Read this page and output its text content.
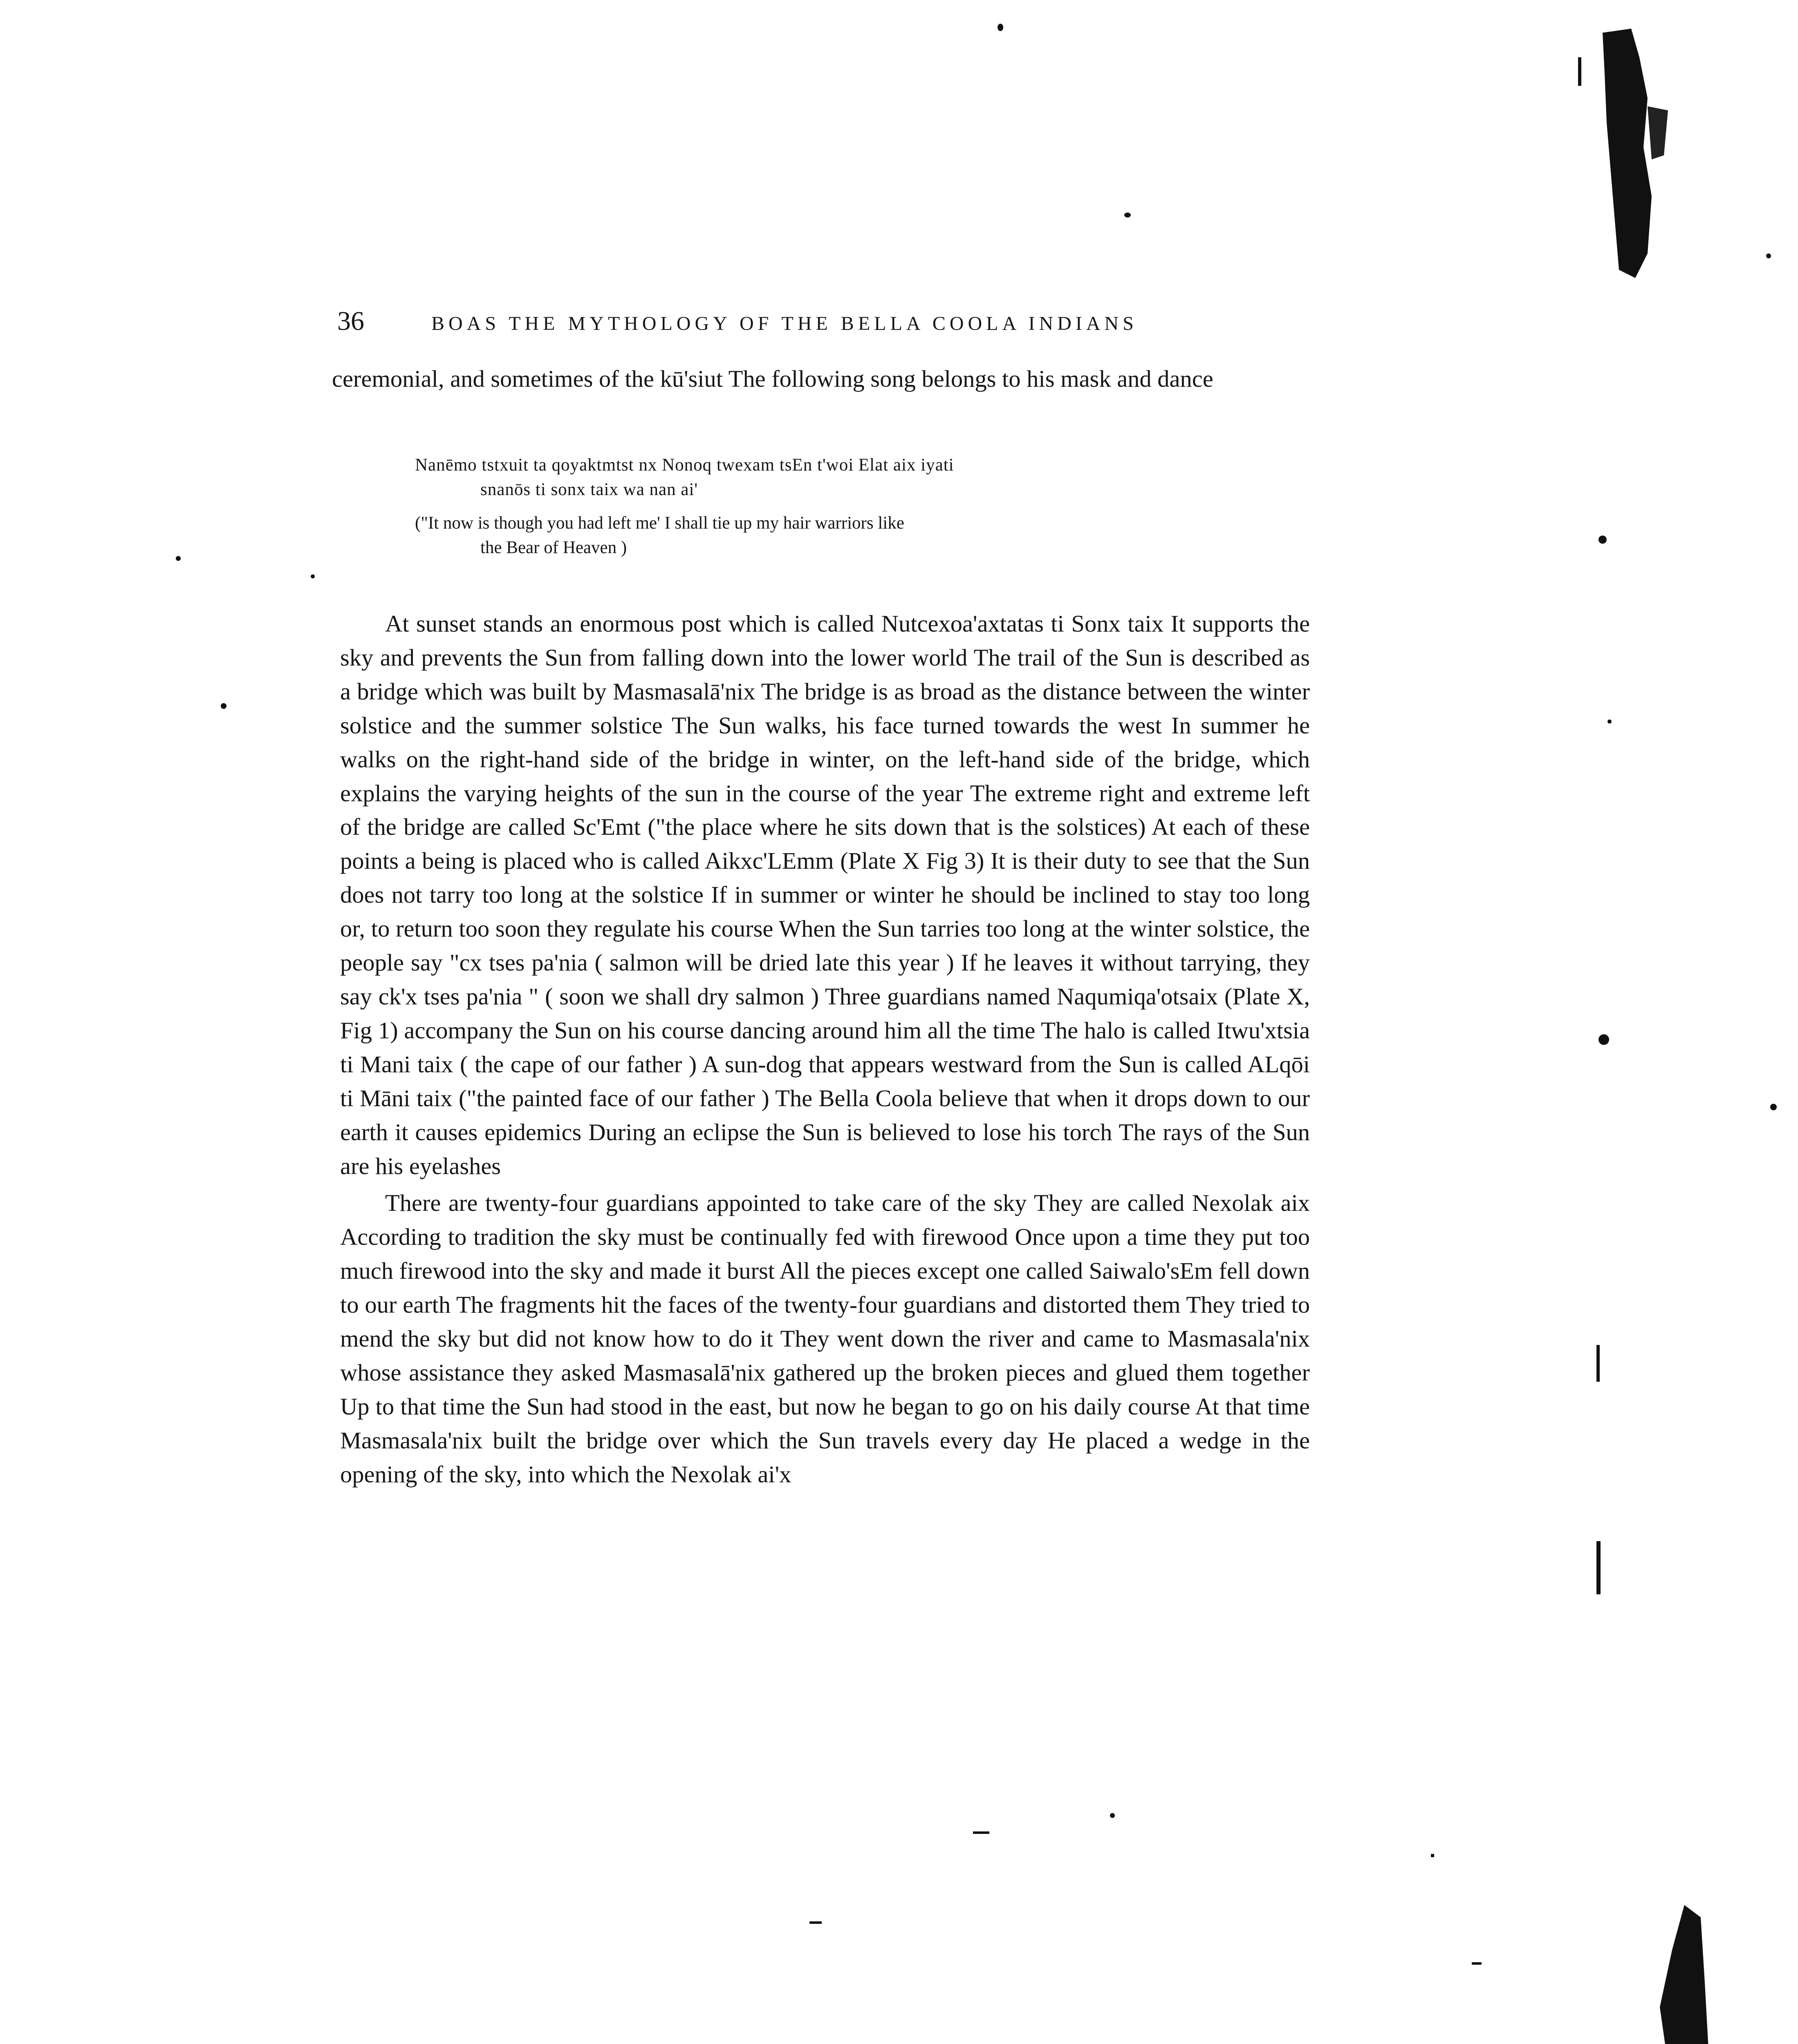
36	BOAS THE MYTHOLOGY OF THE BELLA COOLA INDIANS

ceremonial, and sometimes of the kū'siut The following song belongs to his mask and dance

Nanēmo tstxuit ta qoyaktmtst nx Nonoq twexam tsEn t'woi Elat aix iyati

snanōs ti sonx taix wa nan ai'

("It now is though you had left me' I shall tie up my hair warriors like

the Bear of Heaven )

At sunset stands an enormous post which is called Nutcexoa'axtatas ti Sonx taix It supports the sky and prevents the Sun from falling down into the lower world The trail of the Sun is described as a bridge which was built by Masmasalā'nix The bridge is as broad as the distance between the winter solstice and the summer solstice The Sun walks, his face turned towards the west In summer he walks on the right-hand side of the bridge in winter, on the left-hand side of the bridge, which explains the varying heights of the sun in the course of the year The extreme right and extreme left of the bridge are called Sc'Emt ("the place where he sits down that is the solstices) At each of these points a being is placed who is called Aikxc'LEmm (Plate X Fig 3) It is their duty to see that the Sun does not tarry too long at the solstice If in summer or winter he should be inclined to stay too long or, to return too soon they regulate his course When the Sun tarries too long at the winter solstice, the people say "cx tses pa'nia ( salmon will be dried late this year ) If he leaves it without tarrying, they say ck'x tses pa'nia " ( soon we shall dry salmon ) Three guardians named Naqumiqa'otsaix (Plate X, Fig 1) accompany the Sun on his course dancing around him all the time The halo is called Itwu'xtsia ti Mani taix ( the cape of our father ) A sun-dog that appears westward from the Sun is called ALqōi ti Māni taix ("the painted face of our father ) The Bella Coola believe that when it drops down to our earth it causes epidemics During an eclipse the Sun is believed to lose his torch The rays of the Sun are his eyelashes

There are twenty-four guardians appointed to take care of the sky They are called Nexolak aix According to tradition the sky must be continually fed with firewood Once upon a time they put too much firewood into the sky and made it burst All the pieces except one called Saiwalo'sEm fell down to our earth The fragments hit the faces of the twenty-four guardians and distorted them They tried to mend the sky but did not know how to do it They went down the river and came to Masmasala'nix whose assistance they asked Masmasalā'nix gathered up the broken pieces and glued them together Up to that time the Sun had stood in the east, but now he began to go on his daily course At that time Masmasala'nix built the bridge over which the Sun travels every day He placed a wedge in the opening of the sky, into which the Nexolak ai'x
